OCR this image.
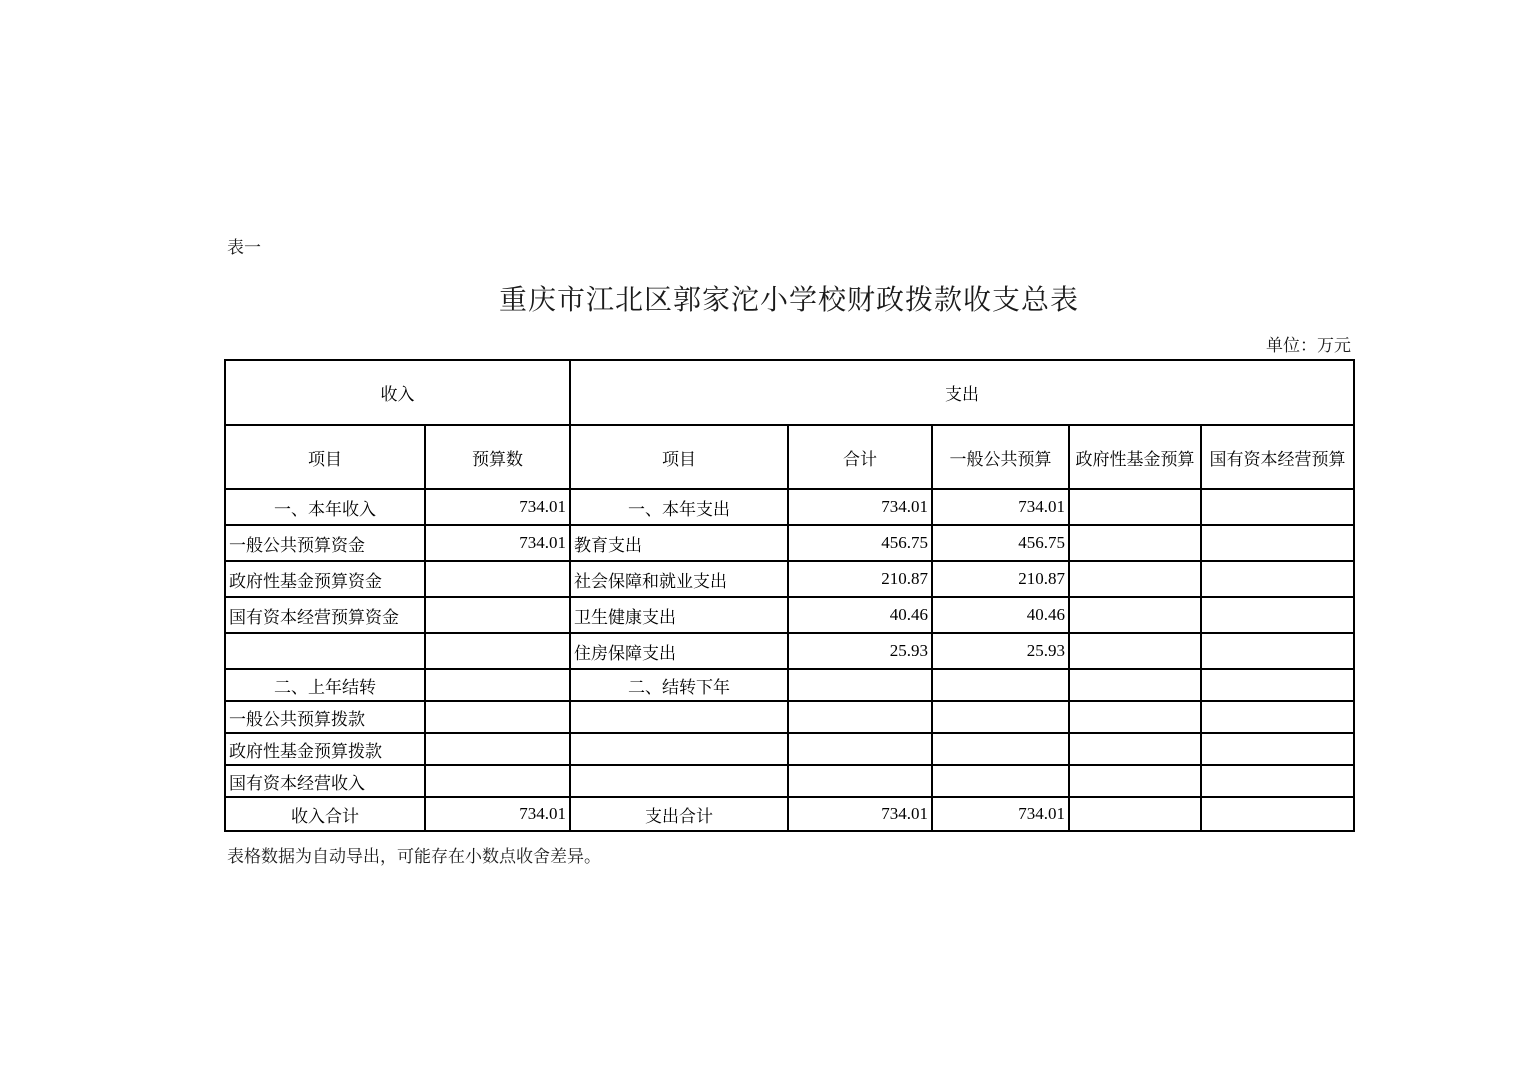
表一
重庆市江北区郭家沱小学校财政拨款收支总表
单位：万元
收入		支出				
项目	预算数	项目	合计	一般公共预算	政府性基金预算	国有资本经营预算
一、本年收入	734.01	一、本年支出	734.01	734.01		
一般公共预算资金	734.01	教育支出	456.75	456.75		
政府性基金预算资金		社会保障和就业支出	210.87	210.87		
国有资本经营预算资金		卫生健康支出	40.46	40.46		
		住房保障支出	25.93	25.93		
二、上年结转		二、结转下年				
一般公共预算拨款						
政府性基金预算拨款						
国有资本经营收入						
收入合计	734.01	支出合计	734.01	734.01		
表格数据为自动导出，可能存在小数点收舍差异。
